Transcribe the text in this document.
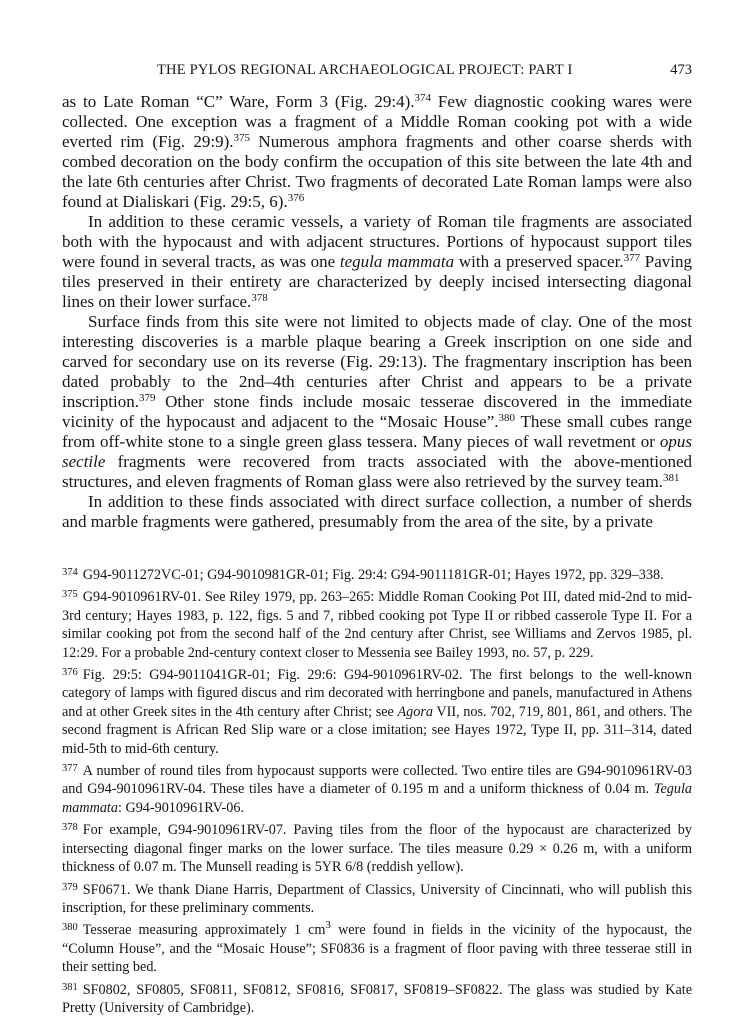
THE PYLOS REGIONAL ARCHAEOLOGICAL PROJECT: PART I	473

as to Late Roman “C” Ware, Form 3 (Fig. 29:4).$^{374}$ Few diagnostic cooking wares were collected. One exception was a fragment of a Middle Roman cooking pot with a wide everted rim (Fig. 29:9).$^{375}$ Numerous amphora fragments and other coarse sherds with combed decoration on the body confirm the occupation of this site between the late 4th and the late 6th centuries after Christ. Two fragments of decorated Late Roman lamps were also found at Dialiskari (Fig. 29:5, 6).$^{376}$

In addition to these ceramic vessels, a variety of Roman tile fragments are associated both with the hypocaust and with adjacent structures. Portions of hypocaust support tiles were found in several tracts, as was one tegula mammata with a preserved spacer.$^{377}$ Paving tiles preserved in their entirety are characterized by deeply incised intersecting diagonal lines on their lower surface.$^{378}$

Surface finds from this site were not limited to objects made of clay. One of the most interesting discoveries is a marble plaque bearing a Greek inscription on one side and carved for secondary use on its reverse (Fig. 29:13). The fragmentary inscription has been dated probably to the 2nd–4th centuries after Christ and appears to be a private inscription.$^{379}$ Other stone finds include mosaic tesserae discovered in the immediate vicinity of the hypocaust and adjacent to the “Mosaic House”.$^{380}$ These small cubes range from off-white stone to a single green glass tessera. Many pieces of wall revetment or opus sectile fragments were recovered from tracts associated with the above-mentioned structures, and eleven fragments of Roman glass were also retrieved by the survey team.$^{381}$

In addition to these finds associated with direct surface collection, a number of sherds and marble fragments were gathered, presumably from the area of the site, by a private

$^{374}$ G94-9011272VC-01; G94-9010981GR-01; Fig. 29:4: G94-9011181GR-01; Hayes 1972, pp. 329–338.

$^{375}$ G94-9010961RV-01. See Riley 1979, pp. 263–265: Middle Roman Cooking Pot III, dated mid-2nd to mid-3rd century; Hayes 1983, p. 122, figs. 5 and 7, ribbed cooking pot Type II or ribbed casserole Type II. For a similar cooking pot from the second half of the 2nd century after Christ, see Williams and Zervos 1985, pl. 12:29. For a probable 2nd-century context closer to Messenia see Bailey 1993, no. 57, p. 229.

$^{376}$ Fig. 29:5: G94-9011041GR-01; Fig. 29:6: G94-9010961RV-02. The first belongs to the well-known category of lamps with figured discus and rim decorated with herringbone and panels, manufactured in Athens and at other Greek sites in the 4th century after Christ; see Agora VII, nos. 702, 719, 801, 861, and others. The second fragment is African Red Slip ware or a close imitation; see Hayes 1972, Type II, pp. 311–314, dated mid-5th to mid-6th century.

$^{377}$ A number of round tiles from hypocaust supports were collected. Two entire tiles are G94-9010961RV-03 and G94-9010961RV-04. These tiles have a diameter of 0.195 m and a uniform thickness of 0.04 m. Tegula mammata: G94-9010961RV-06.

$^{378}$ For example, G94-9010961RV-07. Paving tiles from the floor of the hypocaust are characterized by intersecting diagonal finger marks on the lower surface. The tiles measure 0.29 × 0.26 m, with a uniform thickness of 0.07 m. The Munsell reading is 5YR 6/8 (reddish yellow).

$^{379}$ SF0671. We thank Diane Harris, Department of Classics, University of Cincinnati, who will publish this inscription, for these preliminary comments.

$^{380}$ Tesserae measuring approximately 1 $cm^3$ were found in fields in the vicinity of the hypocaust, the “Column House”, and the “Mosaic House”; SF0836 is a fragment of floor paving with three tesserae still in their setting bed.

$^{381}$ SF0802, SF0805, SF0811, SF0812, SF0816, SF0817, SF0819–SF0822. The glass was studied by Kate Pretty (University of Cambridge).
